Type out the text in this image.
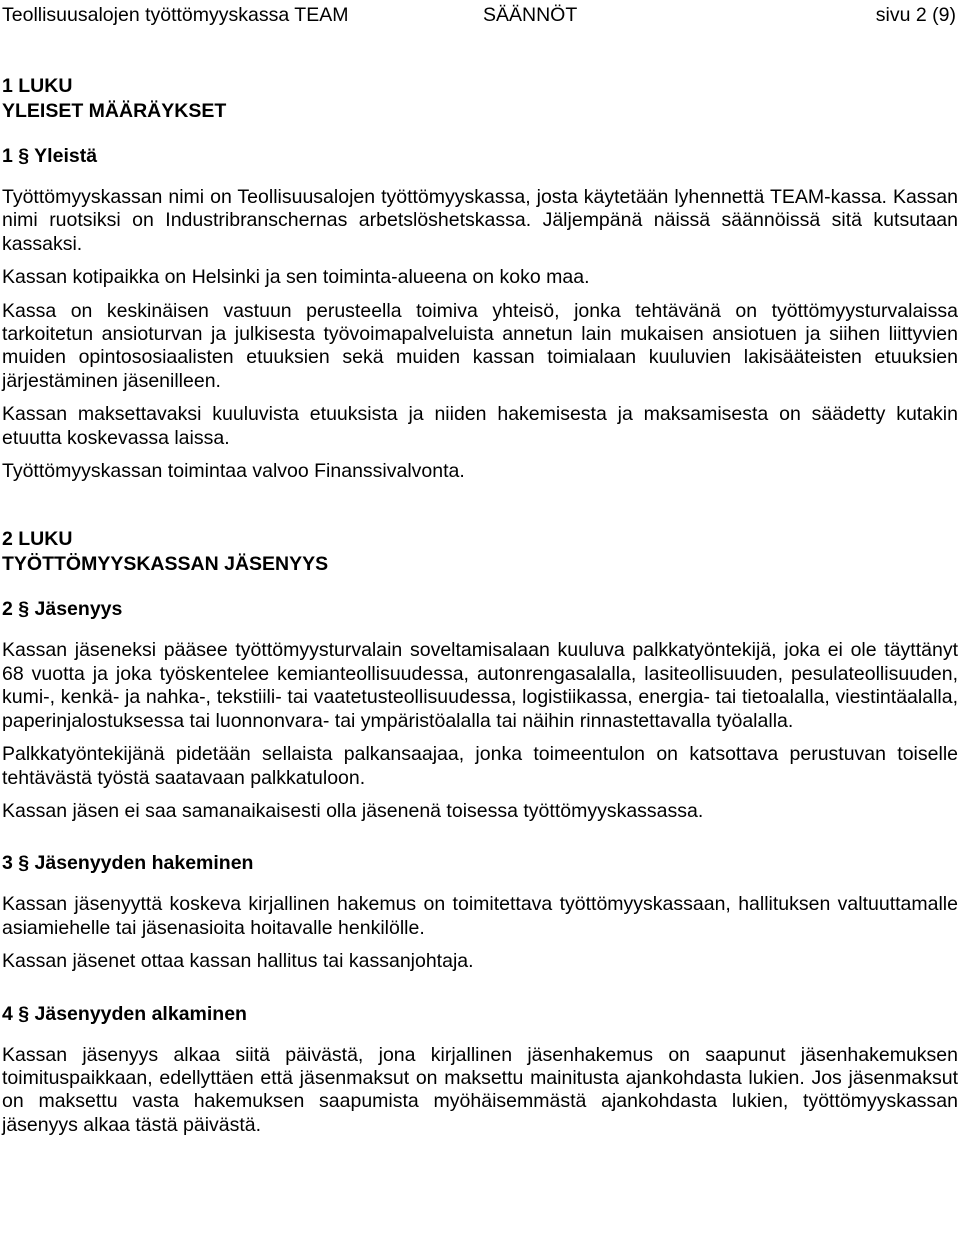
Teollisuusalojen työttömyyskassa TEAM	SÄÄNNÖT	sivu 2 (9)
1 LUKU
YLEISET MÄÄRÄYKSET
1 § Yleistä

Työttömyyskassan nimi on Teollisuusalojen työttömyyskassa, josta käytetään lyhennettä TEAM-kassa. Kassan nimi ruotsiksi on Industribranschernas arbetslöshetskassa. Jäljempänä näissä säännöissä sitä kutsutaan kassaksi.

Kassan kotipaikka on Helsinki ja sen toiminta-alueena on koko maa.

Kassa on keskinäisen vastuun perusteella toimiva yhteisö, jonka tehtävänä on työttömyysturvalaissa tarkoitetun ansioturvan ja julkisesta työvoimapalveluista annetun lain mukaisen ansiotuen ja siihen liittyvien muiden opintososiaalisten etuuksien sekä muiden kassan toimialaan kuuluvien lakisääteisten etuuksien järjestäminen jäsenilleen.

Kassan maksettavaksi kuuluvista etuuksista ja niiden hakemisesta ja maksamisesta on säädetty kutakin etuutta koskevassa laissa.

Työttömyyskassan toimintaa valvoo Finanssivalvonta.

2 LUKU
TYÖTTÖMYYSKASSAN JÄSENYYS
2 § Jäsenyys

Kassan jäseneksi pääsee työttömyysturvalain soveltamisalaan kuuluva palkkatyöntekijä, joka ei ole täyttänyt 68 vuotta ja joka työskentelee kemianteollisuudessa, autonrengasalalla, lasiteollisuuden, pesulateollisuuden, kumi-, kenkä- ja nahka-, tekstiili- tai vaatetusteollisuudessa, logistiikassa, energia- tai tietoalalla, viestintäalalla, paperinjalostuksessa tai luonnonvara- tai ympäristöalalla tai näihin rinnastettavalla työalalla.

Palkkatyöntekijänä pidetään sellaista palkansaajaa, jonka toimeentulon on katsottava perustuvan toiselle tehtävästä työstä saatavaan palkkatuloon.

Kassan jäsen ei saa samanaikaisesti olla jäsenenä toisessa työttömyyskassassa.

3 § Jäsenyyden hakeminen

Kassan jäsenyyttä koskeva kirjallinen hakemus on toimitettava työttömyyskassaan, hallituksen valtuuttamalle asiamiehelle tai jäsenasioita hoitavalle henkilölle.

Kassan jäsenet ottaa kassan hallitus tai kassanjohtaja.

4 § Jäsenyyden alkaminen

Kassan jäsenyys alkaa siitä päivästä, jona kirjallinen jäsenhakemus on saapunut jäsenhakemuksen toimituspaikkaan, edellyttäen että jäsenmaksut on maksettu mainitusta ajankohdasta lukien. Jos jäsenmaksut on maksettu vasta hakemuksen saapumista myöhäisemmästä ajankohdasta lukien, työttömyyskassan jäsenyys alkaa tästä päivästä.
